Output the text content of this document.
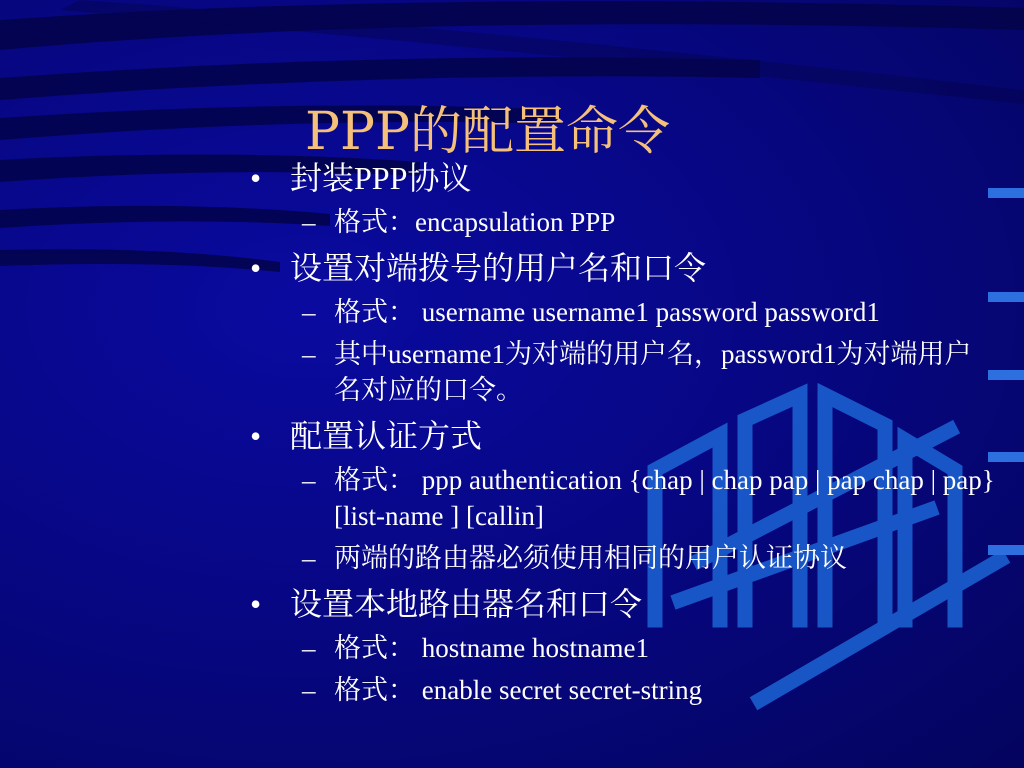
PPP的配置命令
• 封装PPP协议
– 格式：encapsulation PPP
• 设置对端拨号的用户名和口令
– 格式： username username1 password password1
– 其中username1为对端的用户名，password1为对端用户名对应的口令。
• 配置认证方式
– 格式： ppp authentication {chap | chap pap | pap chap | pap} [list-name ] [callin]
– 两端的路由器必须使用相同的用户认证协议
• 设置本地路由器名和口令
– 格式： hostname hostname1
– 格式： enable secret secret-string
